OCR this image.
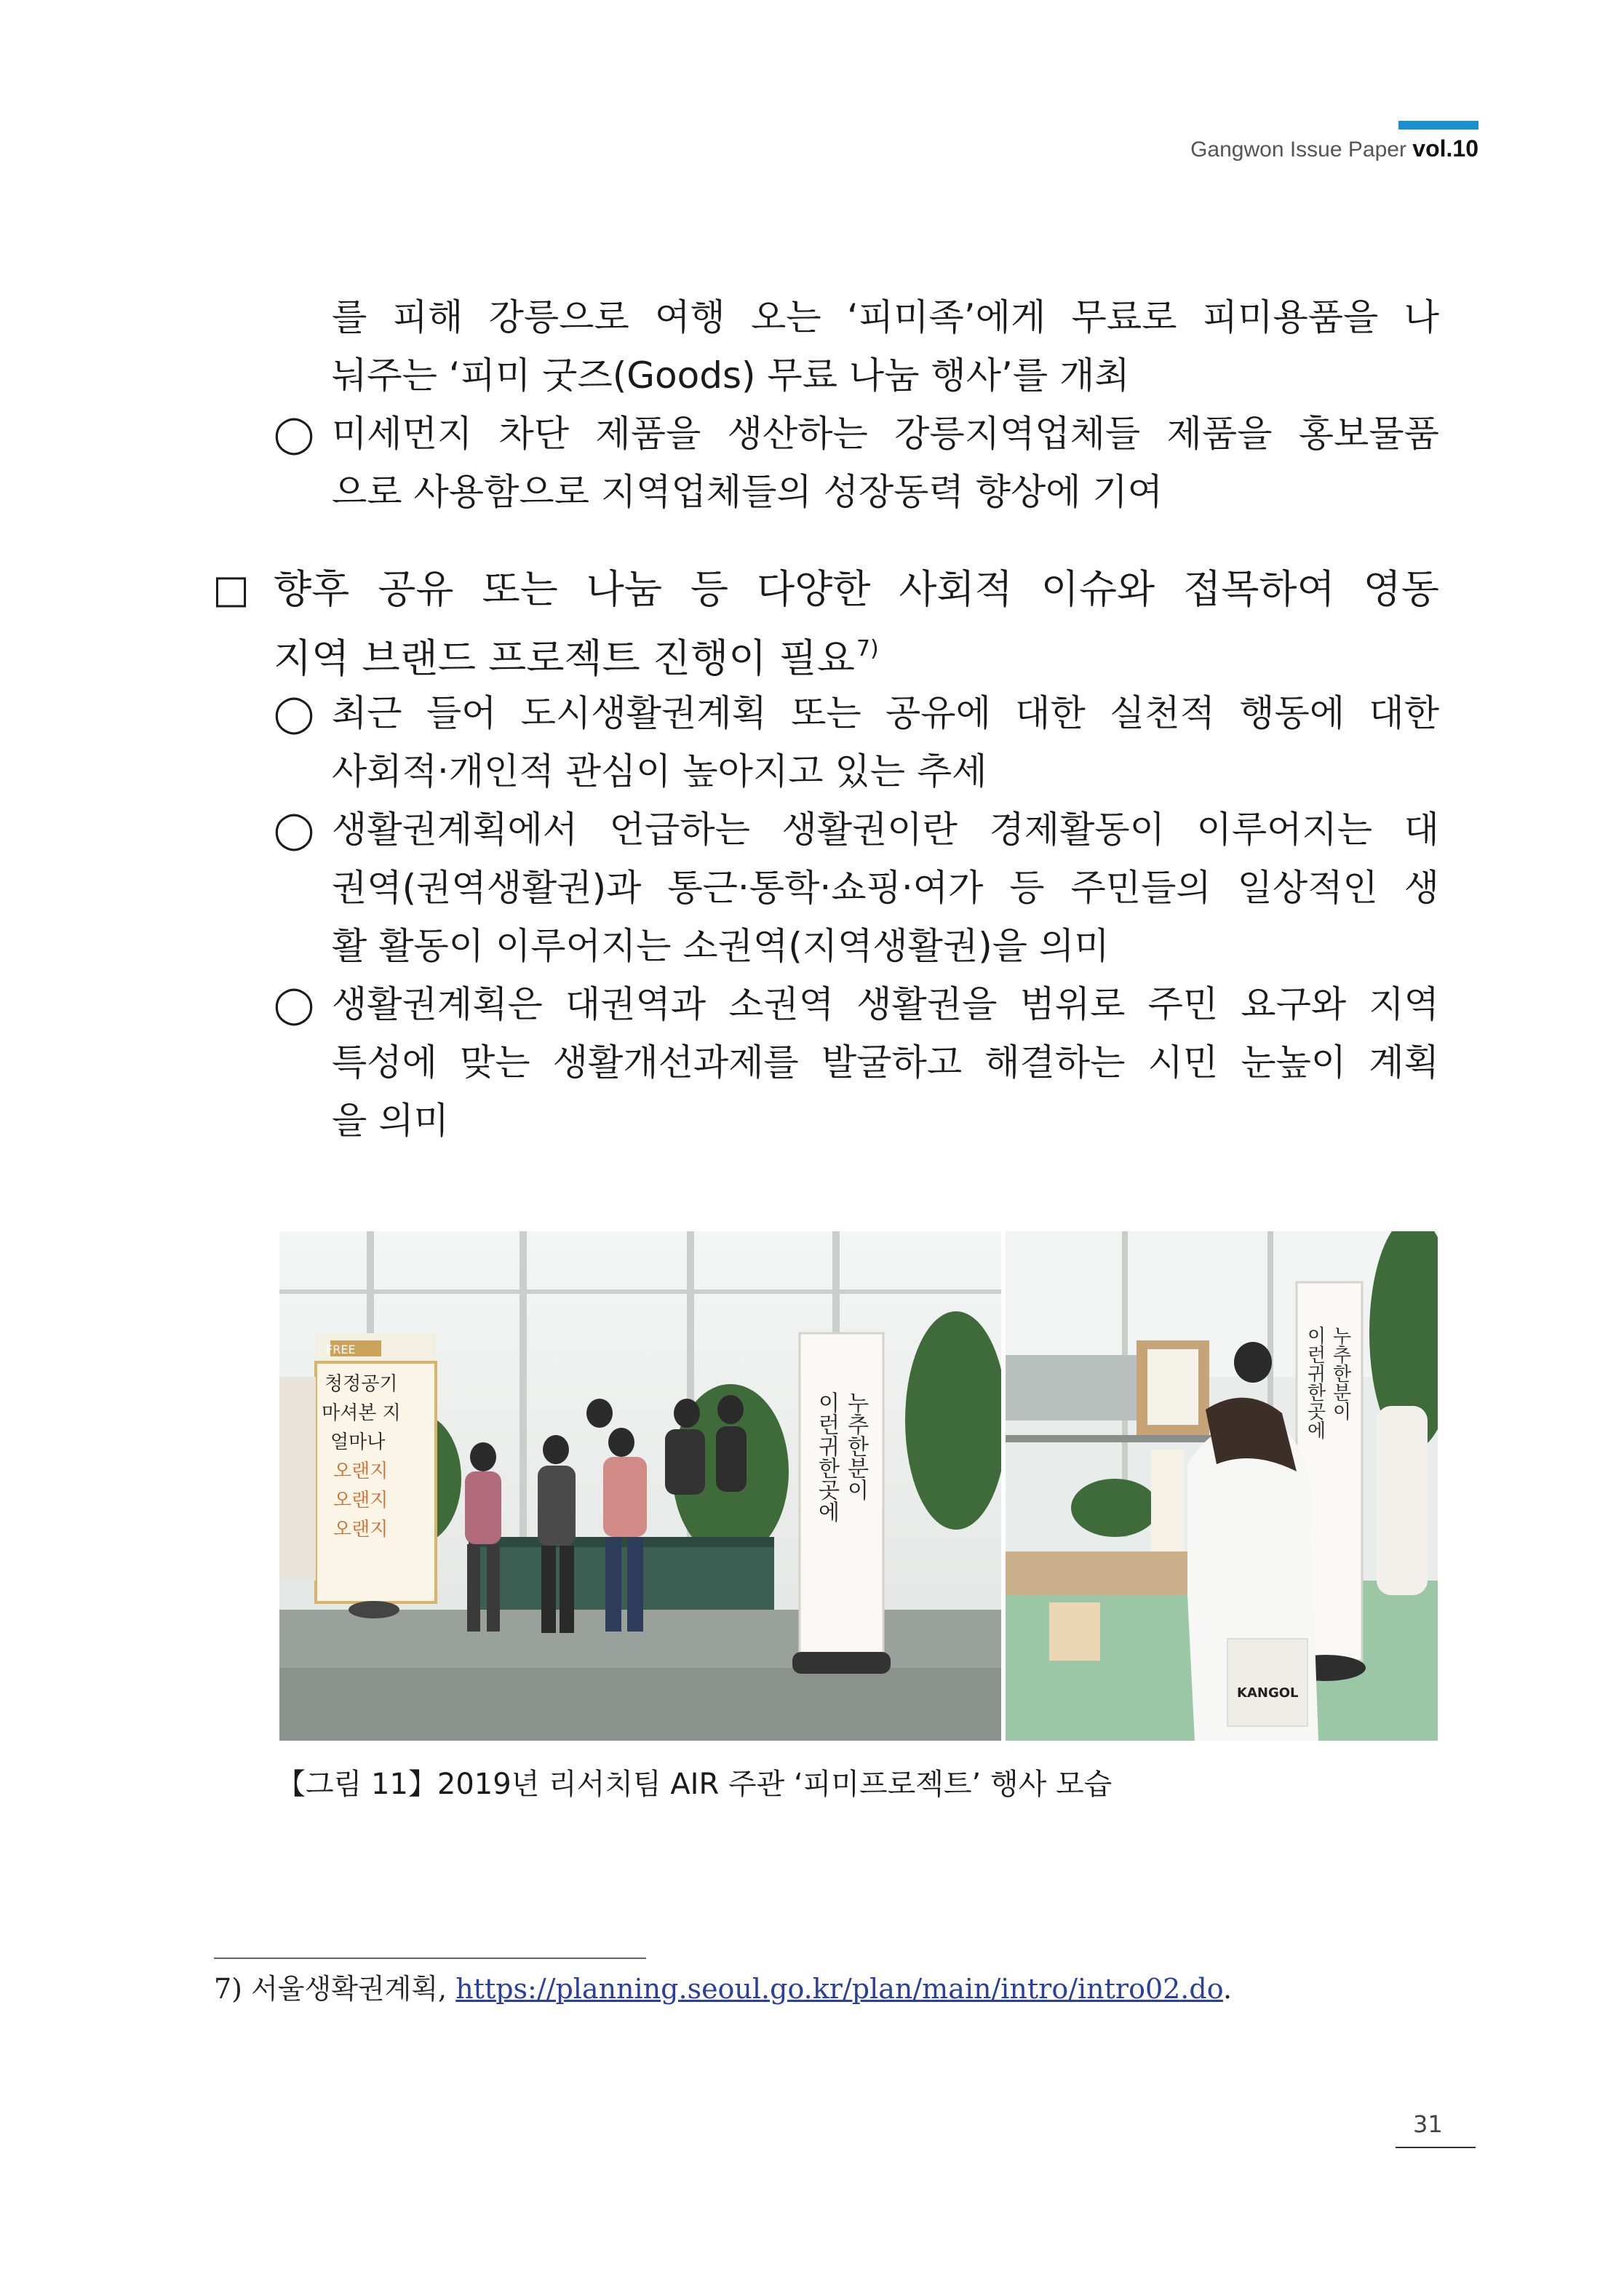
Gangwon Issue Paper vol.10
를 피해 강릉으로 여행 오는 ‘피미족’에게 무료로 피미용품을 나
눠주는 ‘피미 굿즈(Goods) 무료 나눔 행사’를 개최
◯ 미세먼지 차단 제품을 생산하는 강릉지역업체들 제품을 홍보물품
으로 사용함으로 지역업체들의 성장동력 향상에 기여
□ 향후 공유 또는 나눔 등 다양한 사회적 이슈와 접목하여 영동
지역 브랜드 프로젝트 진행이 필요$^{7)}$
◯ 최근 들어 도시생활권계획 또는 공유에 대한 실천적 행동에 대한
사회적‧개인적 관심이 높아지고 있는 추세
◯ 생활권계획에서 언급하는 생활권이란 경제활동이 이루어지는 대
권역(권역생활권)과 통근‧통학‧쇼핑‧여가 등 주민들의 일상적인 생
활 활동이 이루어지는 소권역(지역생활권)을 의미
◯ 생활권계획은 대권역과 소권역 생활권을 범위로 주민 요구와 지역
특성에 맞는 생활개선과제를 발굴하고 해결하는 시민 눈높이 계획
을 의미
FREE
청정공기
마셔본 지
얼마나
오랜지
오랜지
오랜지
누추한분이
이런귀한곳에
누추한분이
이런귀한곳에
KANGOL
【그림 11】2019년 리서치팀 AIR 주관 ‘피미프로젝트’ 행사 모습
7) 서울생확권계획, https://planning.seoul.go.kr/plan/main/intro/intro02.do.
31
